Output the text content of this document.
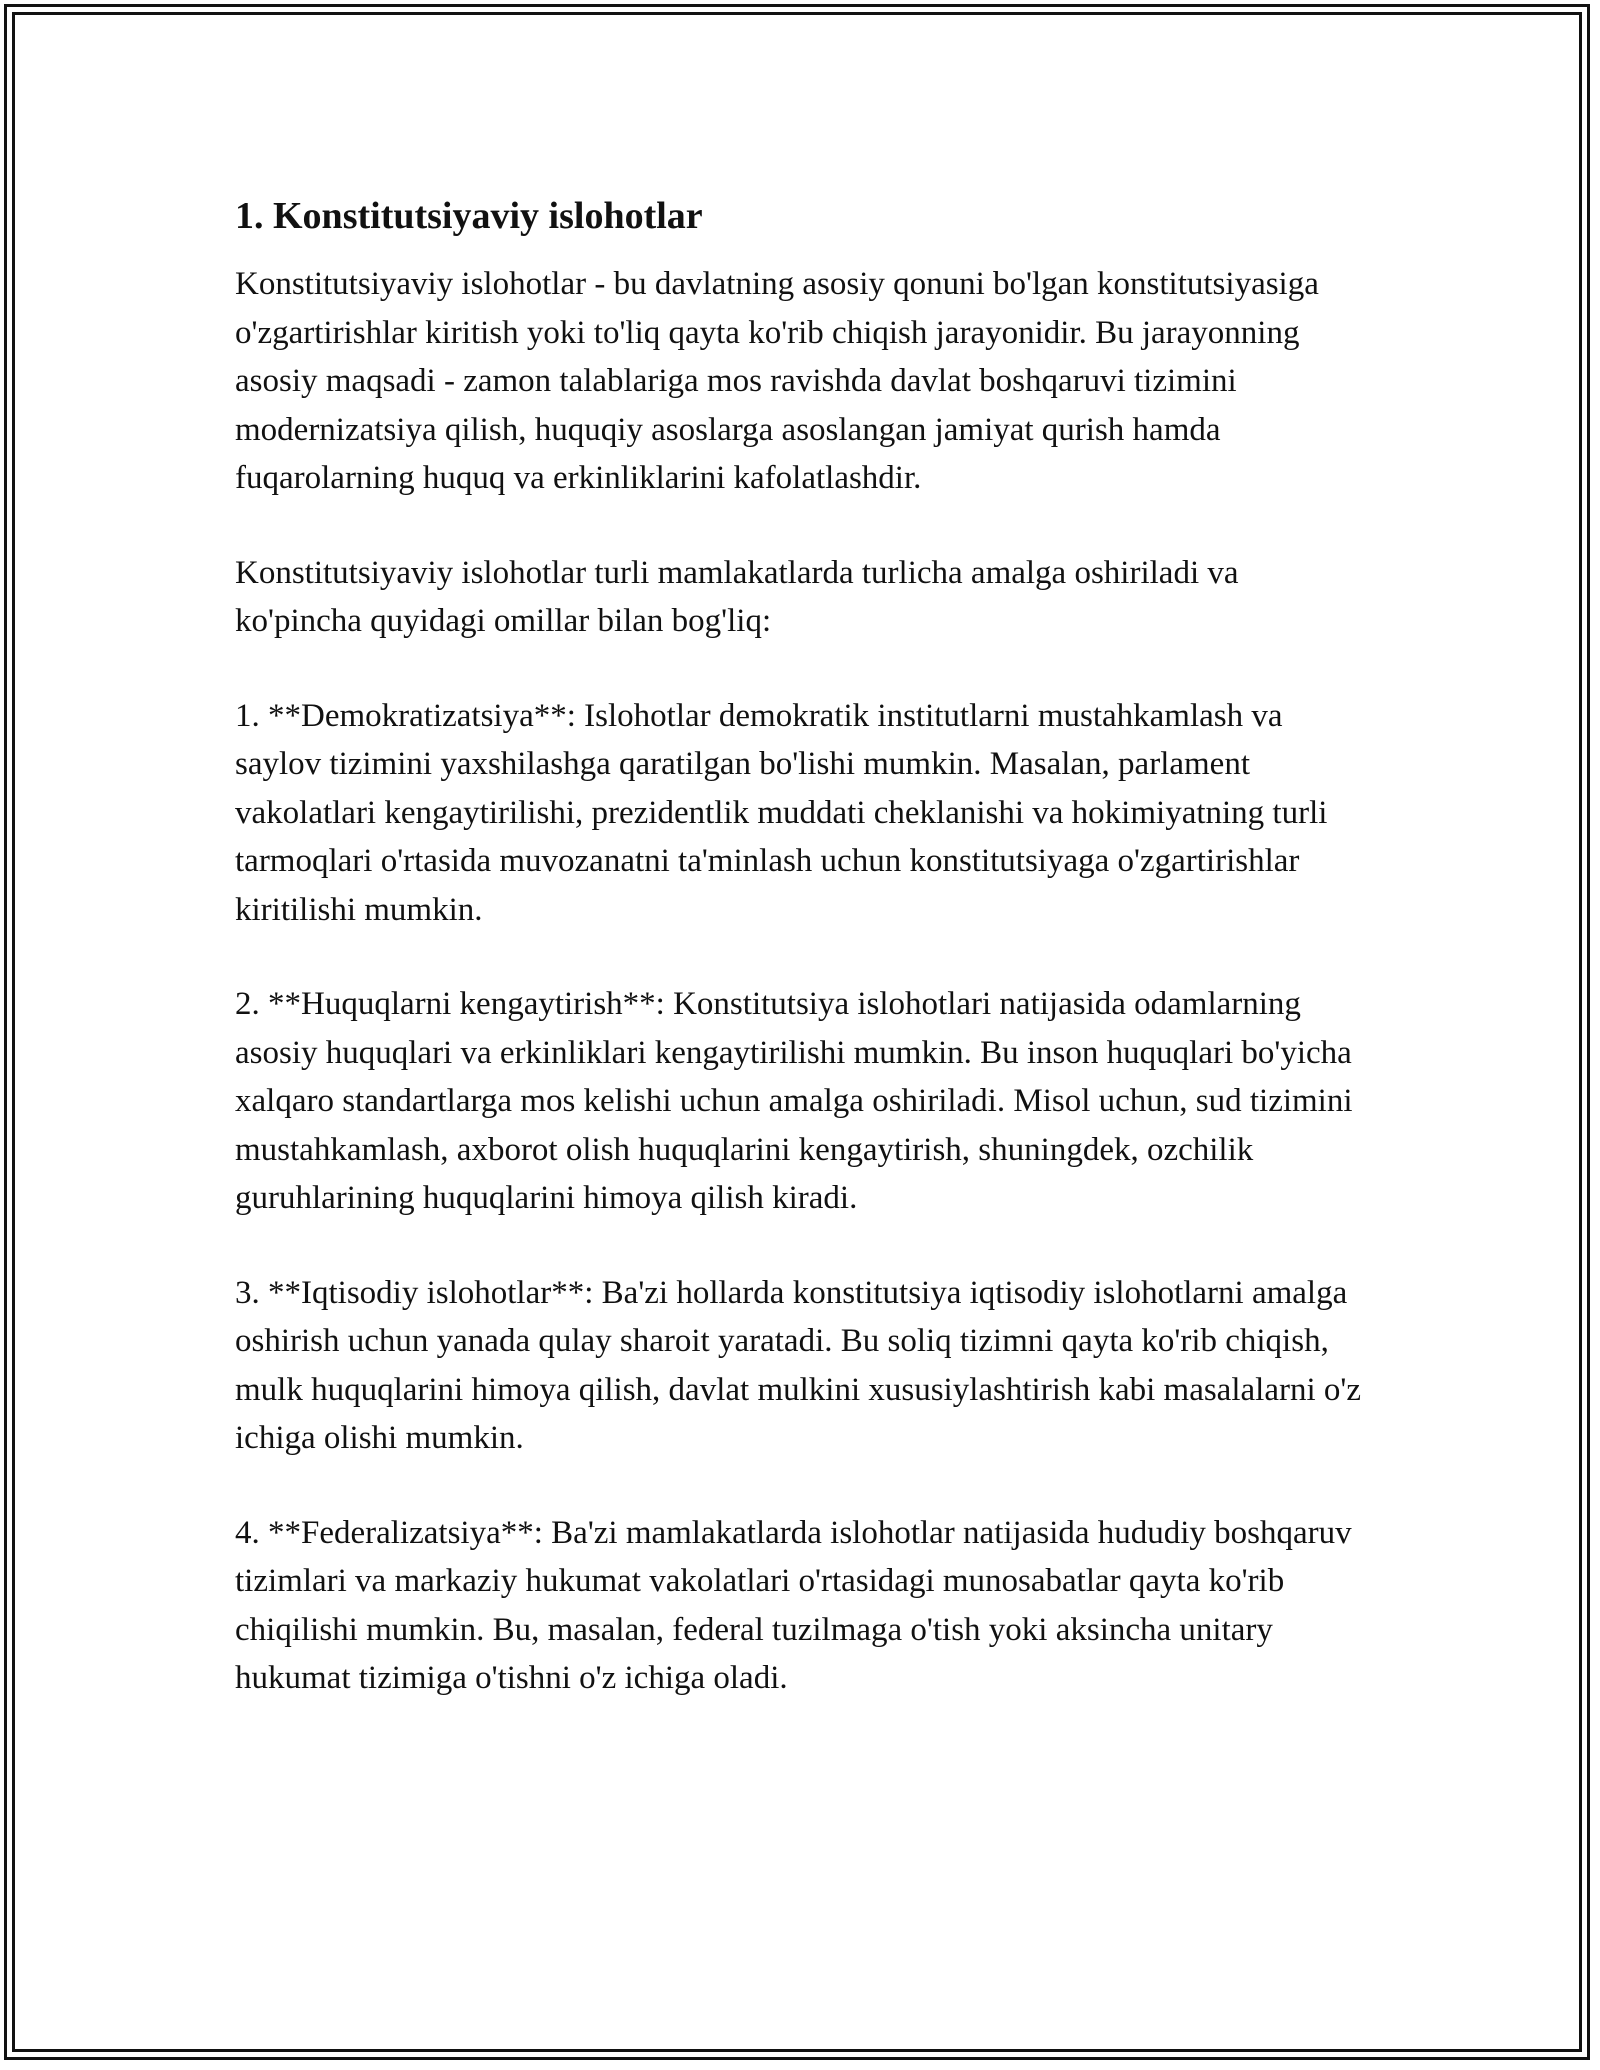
1. Konstitutsiyaviy islohotlar

Konstitutsiyaviy islohotlar - bu davlatning asosiy qonuni bo'lgan konstitutsiyasiga o'zgartirishlar kiritish yoki to'liq qayta ko'rib chiqish jarayonidir. Bu jarayonning asosiy maqsadi - zamon talablariga mos ravishda davlat boshqaruvi tizimini modernizatsiya qilish, huquqiy asoslarga asoslangan jamiyat qurish hamda fuqarolarning huquq va erkinliklarini kafolatlashdir.

Konstitutsiyaviy islohotlar turli mamlakatlarda turlicha amalga oshiriladi va ko'pincha quyidagi omillar bilan bog'liq:

1. **Demokratizatsiya**: Islohotlar demokratik institutlarni mustahkamlash va saylov tizimini yaxshilashga qaratilgan bo'lishi mumkin. Masalan, parlament vakolatlari kengaytirilishi, prezidentlik muddati cheklanishi va hokimiyatning turli tarmoqlari o'rtasida muvozanatni ta'minlash uchun konstitutsiyaga o'zgartirishlar kiritilishi mumkin.

2. **Huquqlarni kengaytirish**: Konstitutsiya islohotlari natijasida odamlarning asosiy huquqlari va erkinliklari kengaytirilishi mumkin. Bu inson huquqlari bo'yicha xalqaro standartlarga mos kelishi uchun amalga oshiriladi. Misol uchun, sud tizimini mustahkamlash, axborot olish huquqlarini kengaytirish, shuningdek, ozchilik guruhlarining huquqlarini himoya qilish kiradi.

3. **Iqtisodiy islohotlar**: Ba'zi hollarda konstitutsiya iqtisodiy islohotlarni amalga oshirish uchun yanada qulay sharoit yaratadi. Bu soliq tizimni qayta ko'rib chiqish, mulk huquqlarini himoya qilish, davlat mulkini xususiylashtirish kabi masalalarni o'z ichiga olishi mumkin.

4. **Federalizatsiya**: Ba'zi mamlakatlarda islohotlar natijasida hududiy boshqaruv tizimlari va markaziy hukumat vakolatlari o'rtasidagi munosabatlar qayta ko'rib chiqilishi mumkin. Bu, masalan, federal tuzilmaga o'tish yoki aksincha unitary hukumat tizimiga o'tishni o'z ichiga oladi.
